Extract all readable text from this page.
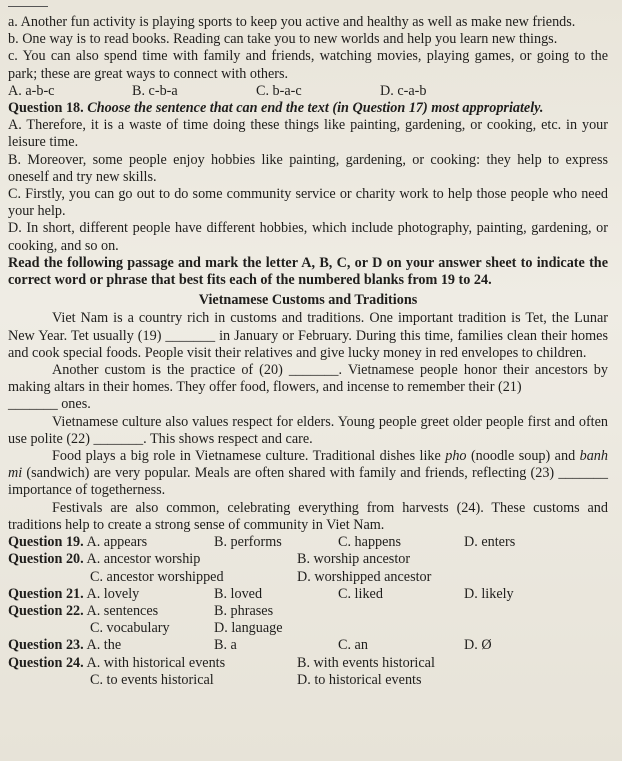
a. Another fun activity is playing sports to keep you active and healthy as well as make new friends.

b. One way is to read books. Reading can take you to new worlds and help you learn new things.

c. You can also spend time with family and friends, watching movies, playing games, or going to the park; these are great ways to connect with others.

A. a-b-c	B. c-b-a	C. b-a-c	D. c-a-b

Question 18. Choose the sentence that can end the text (in Question 17) most appropriately.

A. Therefore, it is a waste of time doing these things like painting, gardening, or cooking, etc. in your leisure time.

B. Moreover, some people enjoy hobbies like painting, gardening, or cooking: they help to express oneself and try new skills.

C. Firstly, you can go out to do some community service or charity work to help those people who need your help.

D. In short, different people have different hobbies, which include photography, painting, gardening, or cooking, and so on.

Read the following passage and mark the letter A, B, C, or D on your answer sheet to indicate the correct word or phrase that best fits each of the numbered blanks from 19 to 24.

Vietnamese Customs and Traditions

Viet Nam is a country rich in customs and traditions. One important tradition is Tet, the Lunar New Year. Tet usually (19) _______ in January or February. During this time, families clean their homes and cook special foods. People visit their relatives and give lucky money in red envelopes to children.

Another custom is the practice of (20) _______. Vietnamese people honor their ancestors by making altars in their homes. They offer food, flowers, and incense to remember their (21)

_______ ones.

Vietnamese culture also values respect for elders. Young people greet older people first and often use polite (22) _______. This shows respect and care.

Food plays a big role in Vietnamese culture. Traditional dishes like pho (noodle soup) and banh mi (sandwich) are very popular. Meals are often shared with family and friends, reflecting (23) _______ importance of togetherness.

Festivals are also common, celebrating everything from harvests (24). These customs and traditions help to create a strong sense of community in Viet Nam.

Question 19. A. appears	B. performs	C. happens	D. enters
Question 20. A. ancestor worship	B. worship ancestor
C. ancestor worshipped	D. worshipped ancestor
Question 21. A. lovely	B. loved	C. liked	D. likely
Question 22. A. sentences	B. phrases
C. vocabulary	D. language
Question 23. A. the	B. a	C. an	D. Ø
Question 24. A. with historical events	B. with events historical
C. to events historical	D. to historical events
